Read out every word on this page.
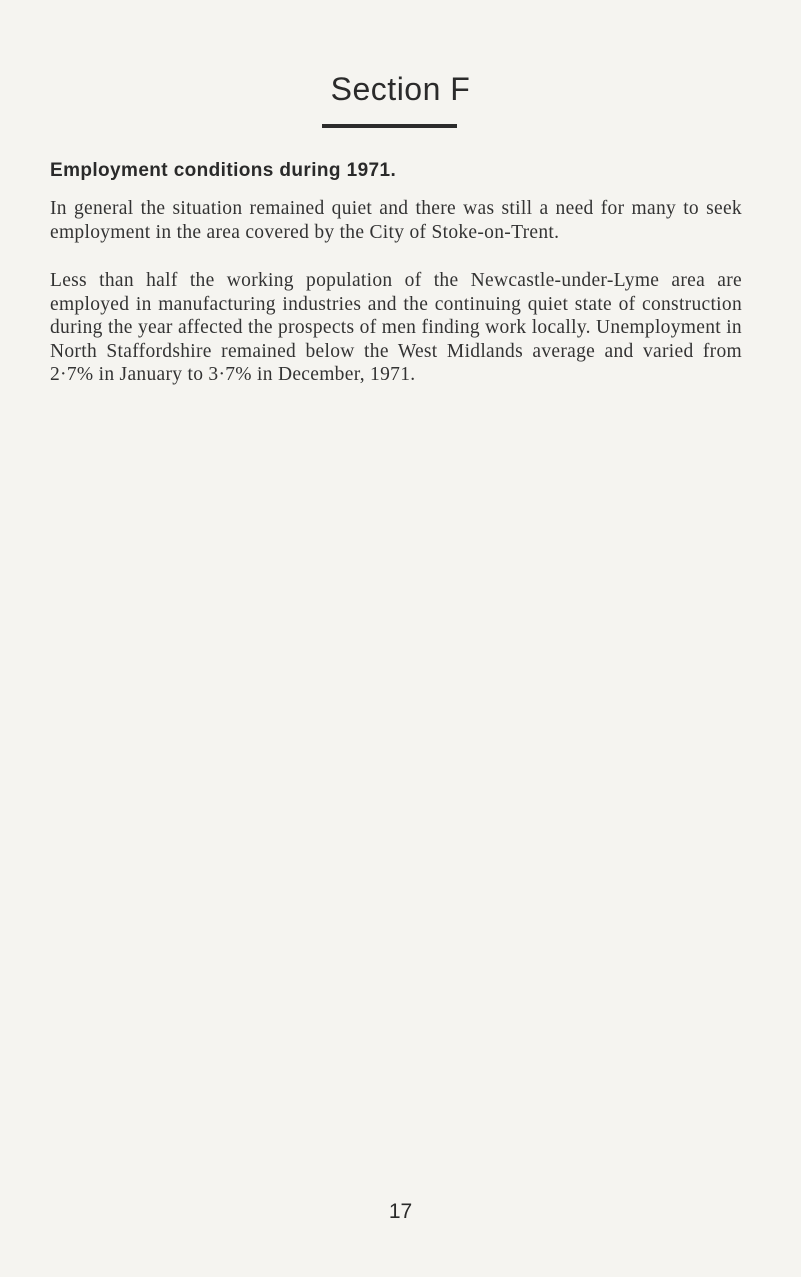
Section F
Employment conditions during 1971.

In general the situation remained quiet and there was still a need for many to seek employment in the area covered by the City of Stoke-on-Trent.

Less than half the working population of the Newcastle-under-Lyme area are employed in manufacturing industries and the continuing quiet state of construction during the year affected the prospects of men finding work locally. Unemployment in North Staffordshire remained below the West Midlands average and varied from 2·7% in January to 3·7% in December, 1971.

17
